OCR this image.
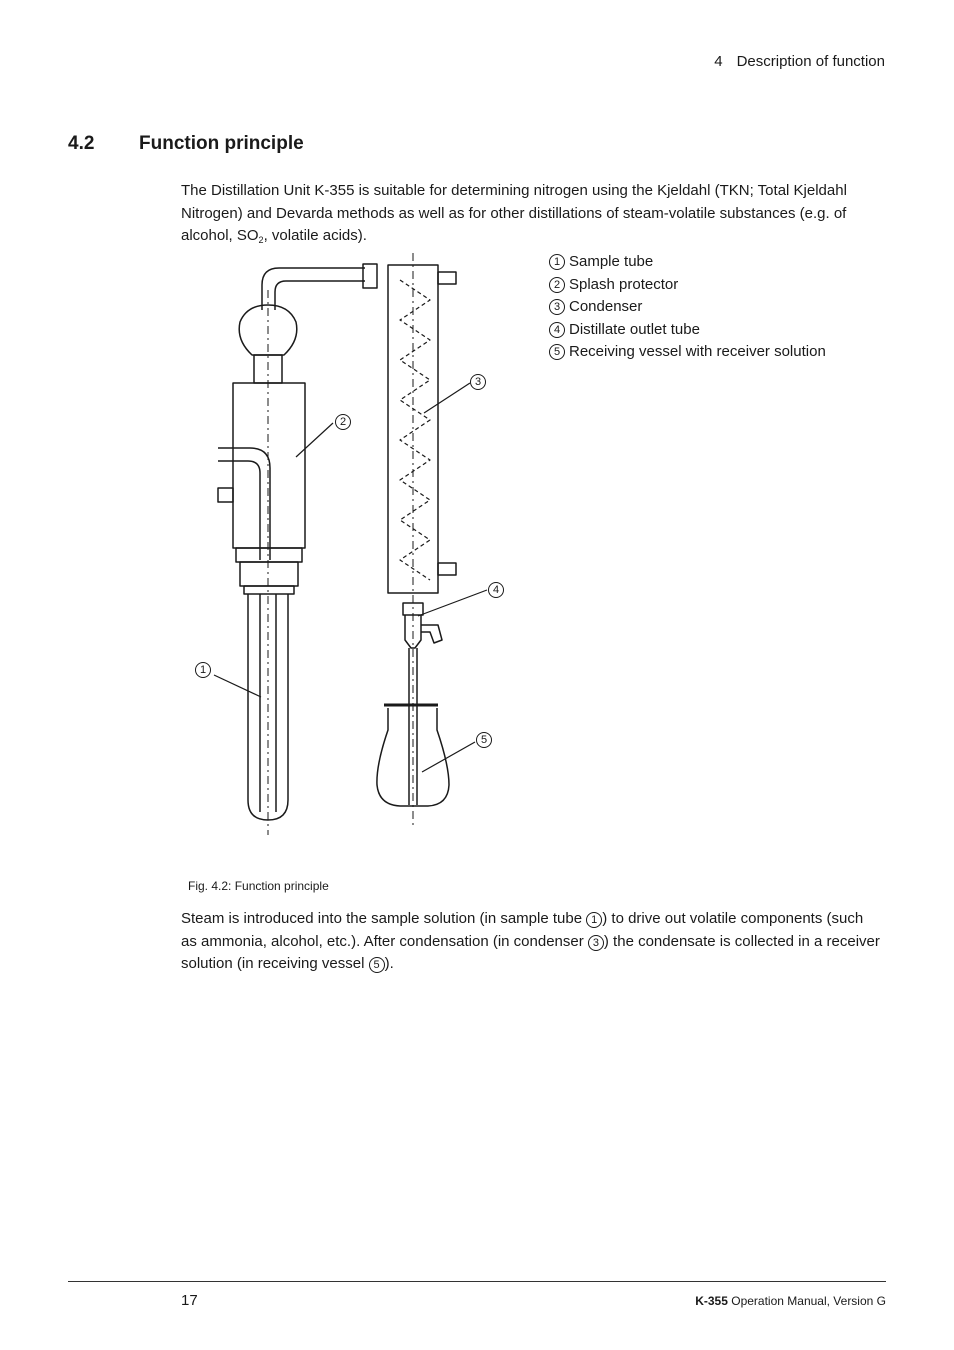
4 Description of function
4.2 Function principle
The Distillation Unit K-355 is suitable for determining nitrogen using the Kjeldahl (TKN; Total Kjeldahl Nitrogen) and Devarda methods as well as for other distillations of steam-volatile substances (e.g. of alcohol, $SO_2$, volatile acids).
1 Sample tube
2 Splash protector
3 Condenser
4 Distillate outlet tube
5 Receiving vessel with receiver solution
1
2
3
4
5
Fig. 4.2: Function principle
Steam is introduced into the sample solution (in sample tube 1 ) to drive out volatile components (such as ammonia, alcohol, etc.). After condensation (in condenser 3 ) the condensate is collected in a receiver solution (in receiving vessel 5 ).
17	K-355 Operation Manual, Version G
